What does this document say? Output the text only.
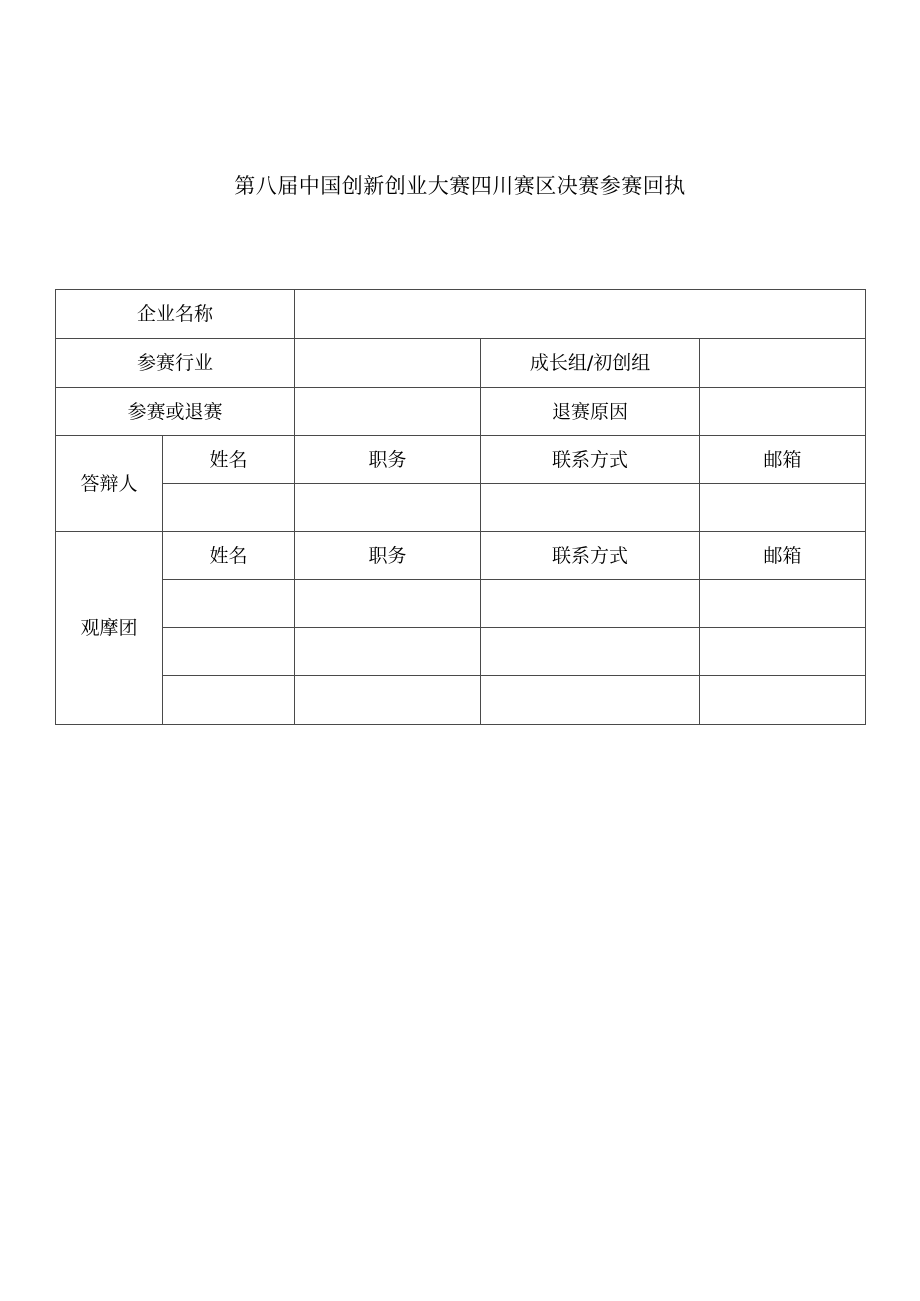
第八届中国创新创业大赛四川赛区决赛参赛回执
企业名称				
参赛行业			成长组/初创组	
参赛或退赛			退赛原因	
答辩人	姓名	职务	联系方式	邮箱

观摩团	姓名	职务	联系方式	邮箱
